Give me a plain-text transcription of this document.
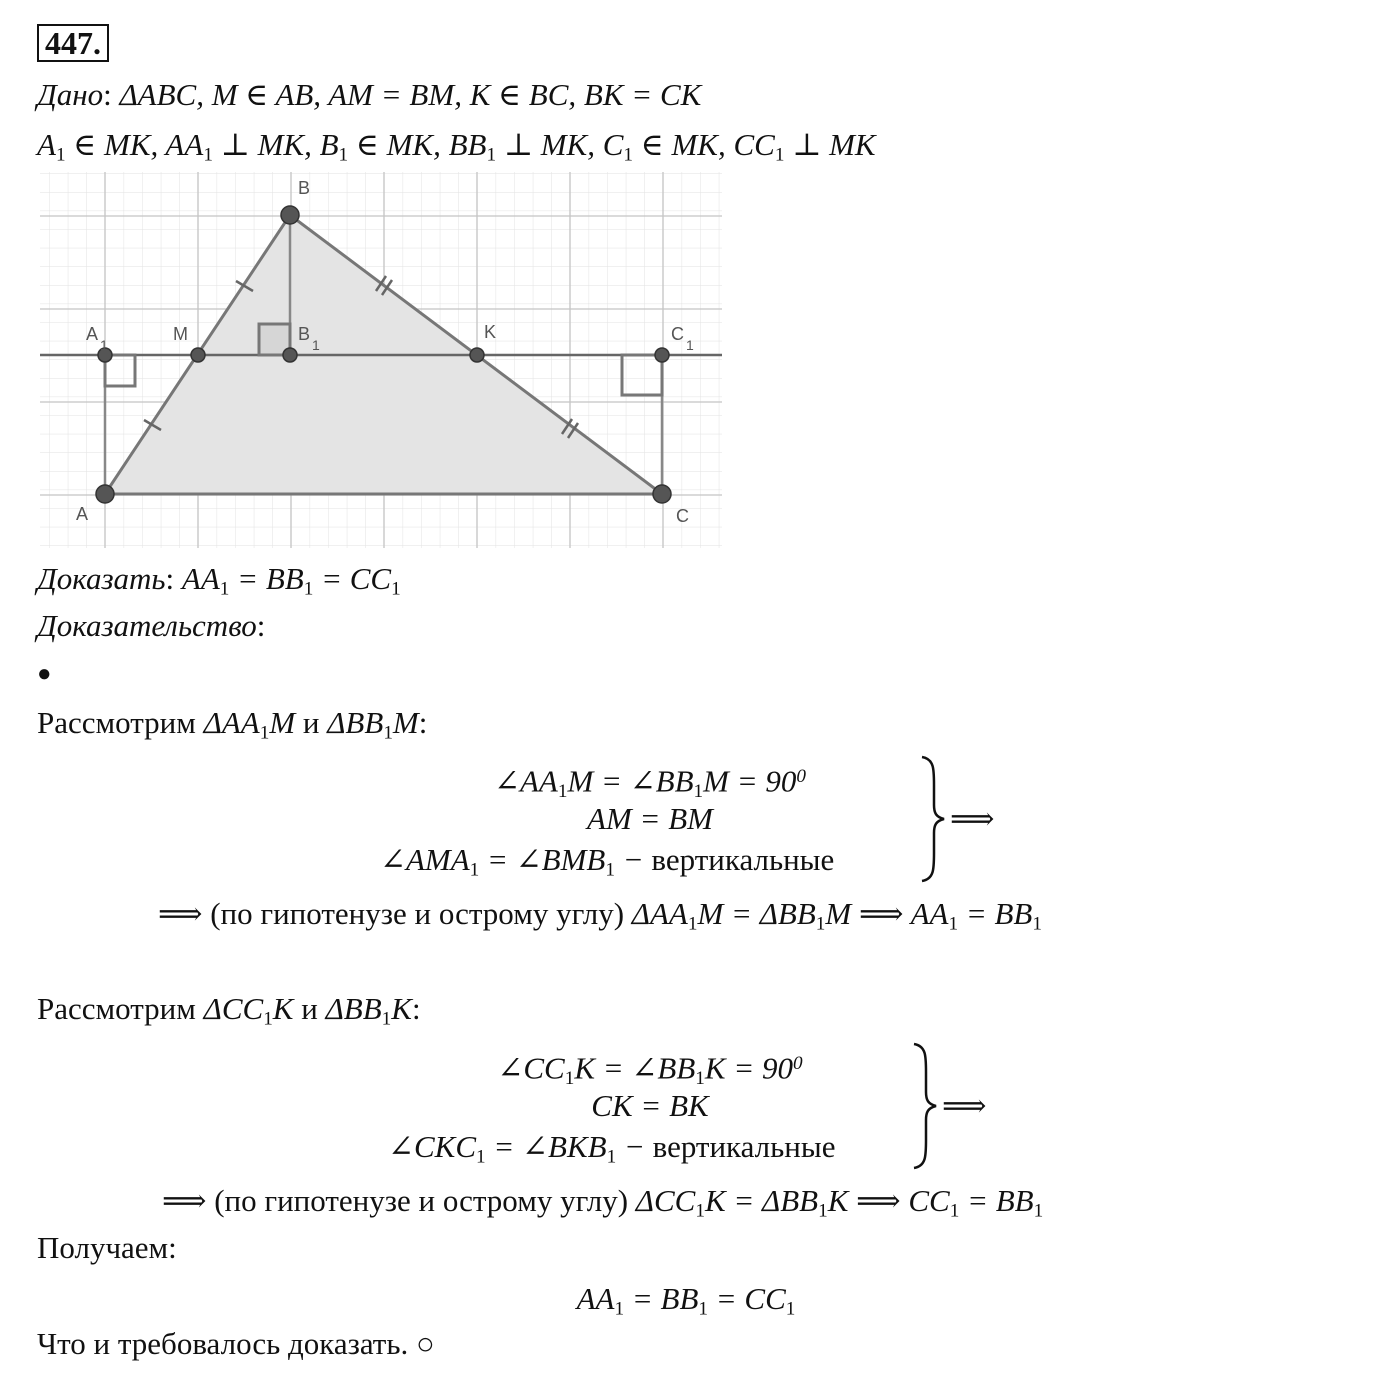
447.
Дано: ΔABC, M ∈ AB, AM = BM, K ∈ BC, BK = CK
$A_1$ ∈ MK, $AA_1$ ⊥ MK, $B_1$ ∈ MK, $BB_1$ ⊥ MK, $C_1$ ∈ MK, $CC_1$ ⊥ MK
B
A	C
M	K
A
1
B
1
C
1
Доказать: $AA_1 = BB_1 = CC_1$
Доказательство:
●
Рассмотрим $\Delta AA_1M$ и $\Delta BB_1M$:
$\angle AA_1M$ = $\angle BB_1M = 90^0$
AM = BM
$\angle AMA_1$ = $\angle BMB_1$ − вертикальные
⟹
⟹ (по гипотенузе и острому углу) $\Delta AA_1M = \Delta BB_1M$ ⟹ $AA_1 = BB_1$
Рассмотрим $\Delta CC_1K$ и $\Delta BB_1K$:
$\angle CC_1K$ = $\angle BB_1K = 90^0$
CK = BK
$\angle CKC_1$ = $\angle BKB_1$ − вертикальные
⟹
⟹ (по гипотенузе и острому углу) $\Delta CC_1K = \Delta BB_1K$ ⟹ $CC_1 = BB_1$
Получаем:
$AA_1 = BB_1 = CC_1$
Что и требовалось доказать. ○
